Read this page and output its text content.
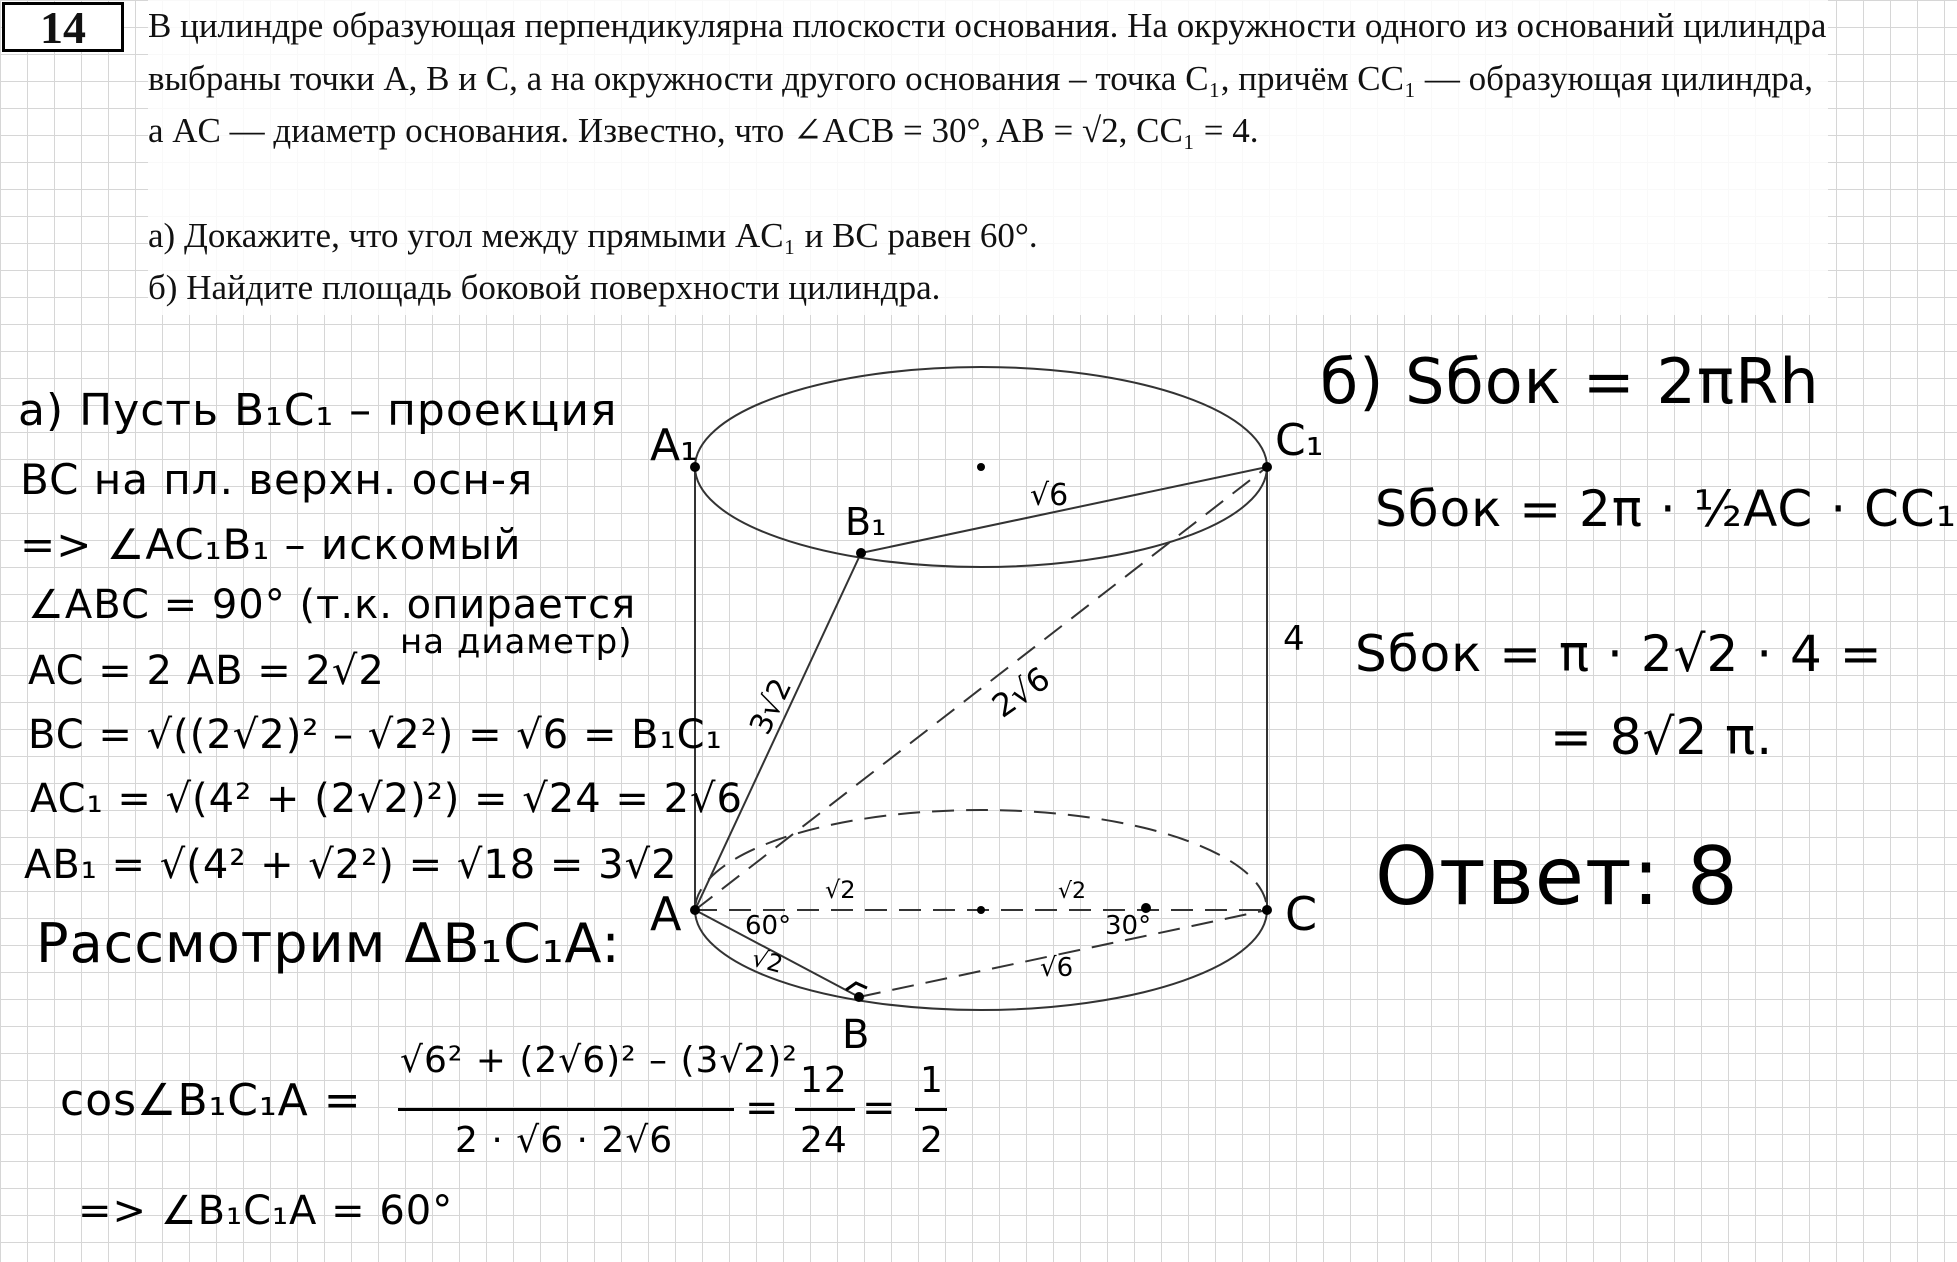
14	В цилиндре образующая перпендикулярна плоскости основания. На окружности одного из оснований цилиндра выбраны точки A, B и C, а на окружности другого основания – точка C₁, причём CC₁ — образующая цилиндра, а AC — диаметр основания. Известно, что ∠ACB = 30°, AB = √2, CC₁ = 4.

а) Докажите, что угол между прямыми AC₁ и BC равен 60°.

б) Найдите площадь боковой поверхности цилиндра.

A₁	C₁
B₁
A	C
B
√6
3√2	2√6
4
√2	√2
√6
√2
60°	30°
а) Пусть B₁C₁ – проекция
BC на пл. верхн. осн-я
=> ∠AC₁B₁ – искомый
∠ABC = 90° (т.к. опирается
на диаметр)
AC = 2 AB = 2√2
BC = √((2√2)² – √2²) = √6 = B₁C₁
AC₁ = √(4² + (2√2)²) = √24 = 2√6
AB₁ = √(4² + √2²) = √18 = 3√2
Рассмотрим ΔB₁C₁A:
cos∠B₁C₁A =
√6² + (2√6)² – (3√2)²
2 · √6 · 2√6
=
12
24
=
1
2
=> ∠B₁C₁A = 60°
б) Sбок = 2πRh
Sбок = 2π · ½AC · CC₁
Sбок = π · 2√2 · 4 =
= 8√2 π.
Ответ: 8
